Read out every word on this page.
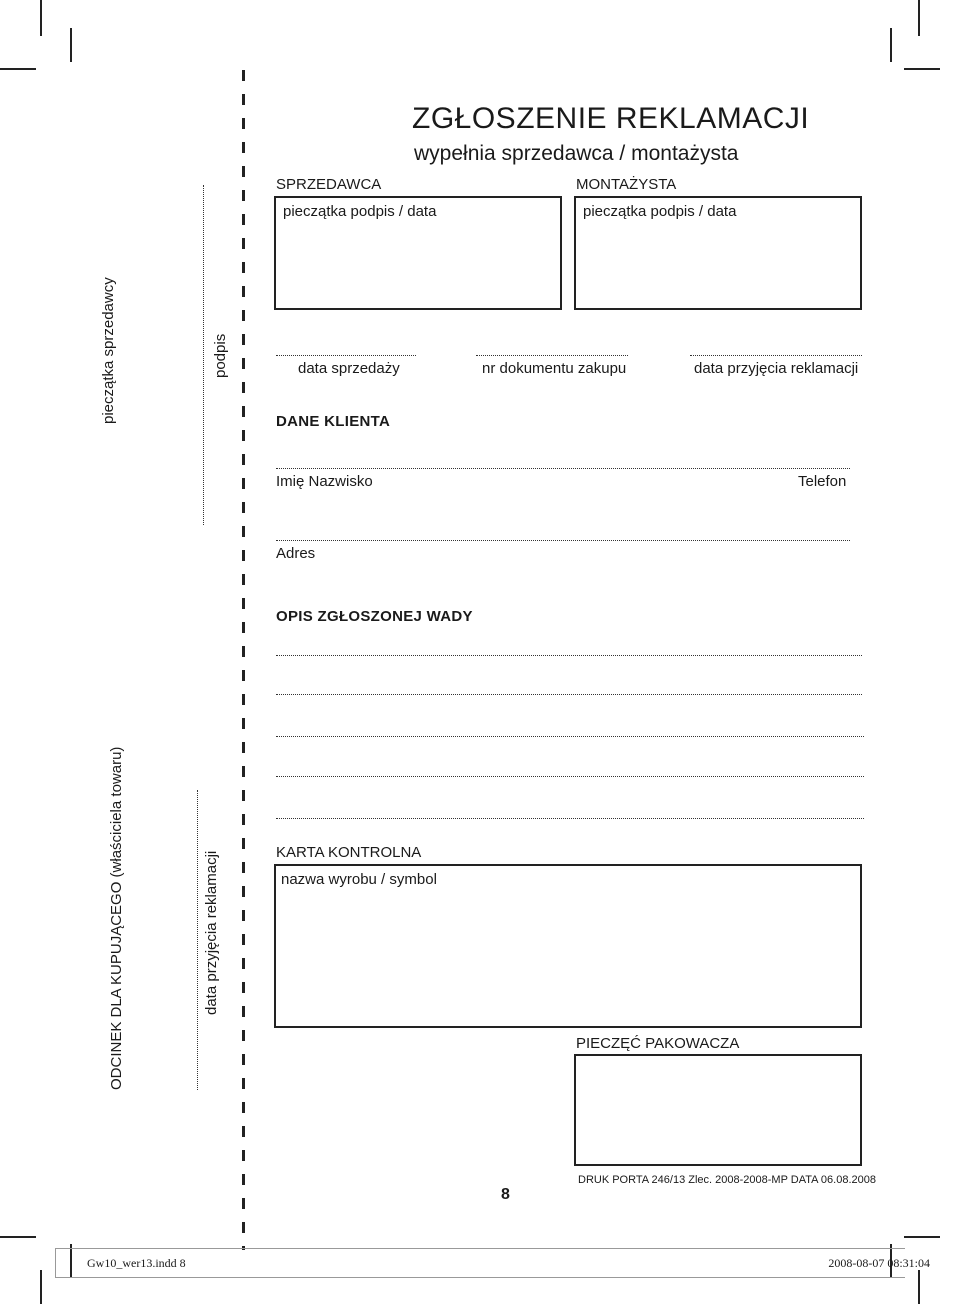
pieczątka sprzedawcy	podpis
ODCINEK DLA KUPUJĄCEGO (właściciela towaru)	data przyjęcia reklamacji
ZGŁOSZENIE REKLAMACJI
wypełnia sprzedawca / montażysta
SPRZEDAWCA	MONTAŻYSTA
pieczątka podpis / data	pieczątka podpis / data
data sprzedaży	nr dokumentu zakupu	data przyjęcia reklamacji
DANE KLIENTA
Imię Nazwisko	Telefon
Adres
OPIS ZGŁOSZONEJ WADY
KARTA KONTROLNA
nazwa wyrobu / symbol
PIECZĘĆ PAKOWACZA
DRUK PORTA 246/13 Zlec. 2008-2008-MP DATA 06.08.2008
8
Gw10_wer13.indd 8	2008-08-07 08:31:04
